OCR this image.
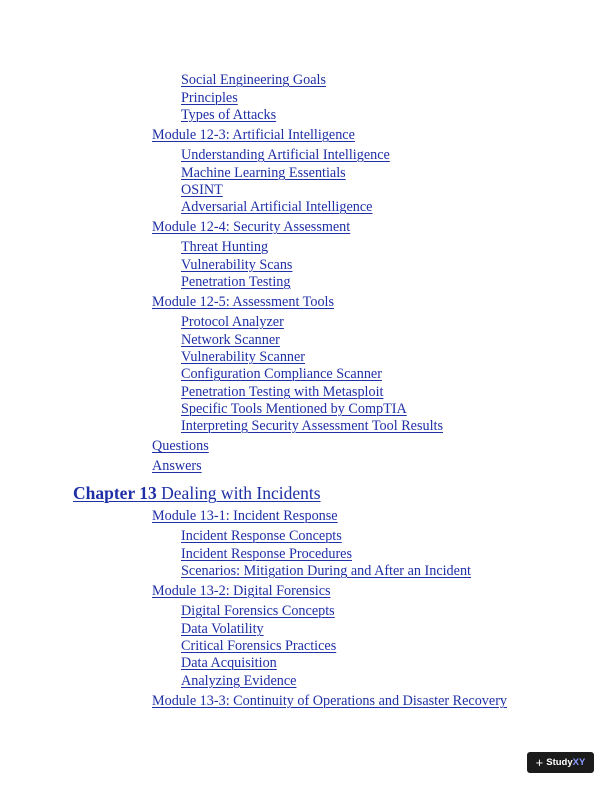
Social Engineering Goals
Principles
Types of Attacks
Module 12-3: Artificial Intelligence
Understanding Artificial Intelligence
Machine Learning Essentials
OSINT
Adversarial Artificial Intelligence
Module 12-4: Security Assessment
Threat Hunting
Vulnerability Scans
Penetration Testing
Module 12-5: Assessment Tools
Protocol Analyzer
Network Scanner
Vulnerability Scanner
Configuration Compliance Scanner
Penetration Testing with Metasploit
Specific Tools Mentioned by CompTIA
Interpreting Security Assessment Tool Results
Questions
Answers
Chapter 13 Dealing with Incidents
Module 13-1: Incident Response
Incident Response Concepts
Incident Response Procedures
Scenarios: Mitigation During and After an Incident
Module 13-2: Digital Forensics
Digital Forensics Concepts
Data Volatility
Critical Forensics Practices
Data Acquisition
Analyzing Evidence
Module 13-3: Continuity of Operations and Disaster Recovery
+ StudyXY
